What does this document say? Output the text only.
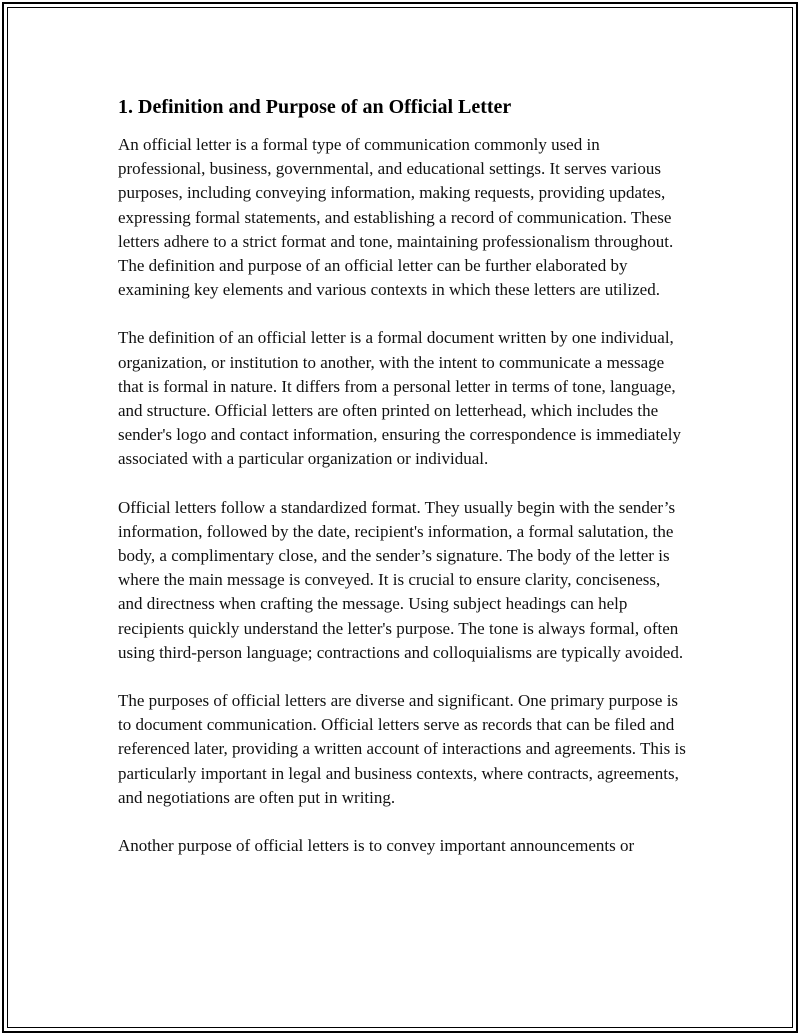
1. Definition and Purpose of an Official Letter

An official letter is a formal type of communication commonly used in professional, business, governmental, and educational settings. It serves various purposes, including conveying information, making requests, providing updates, expressing formal statements, and establishing a record of communication. These letters adhere to a strict format and tone, maintaining professionalism throughout. The definition and purpose of an official letter can be further elaborated by examining key elements and various contexts in which these letters are utilized.

The definition of an official letter is a formal document written by one individual, organization, or institution to another, with the intent to communicate a message that is formal in nature. It differs from a personal letter in terms of tone, language, and structure. Official letters are often printed on letterhead, which includes the sender's logo and contact information, ensuring the correspondence is immediately associated with a particular organization or individual.

Official letters follow a standardized format. They usually begin with the sender’s information, followed by the date, recipient's information, a formal salutation, the body, a complimentary close, and the sender’s signature. The body of the letter is where the main message is conveyed. It is crucial to ensure clarity, conciseness, and directness when crafting the message. Using subject headings can help recipients quickly understand the letter's purpose. The tone is always formal, often using third-person language; contractions and colloquialisms are typically avoided.

The purposes of official letters are diverse and significant. One primary purpose is to document communication. Official letters serve as records that can be filed and referenced later, providing a written account of interactions and agreements. This is particularly important in legal and business contexts, where contracts, agreements, and negotiations are often put in writing.

Another purpose of official letters is to convey important announcements or
